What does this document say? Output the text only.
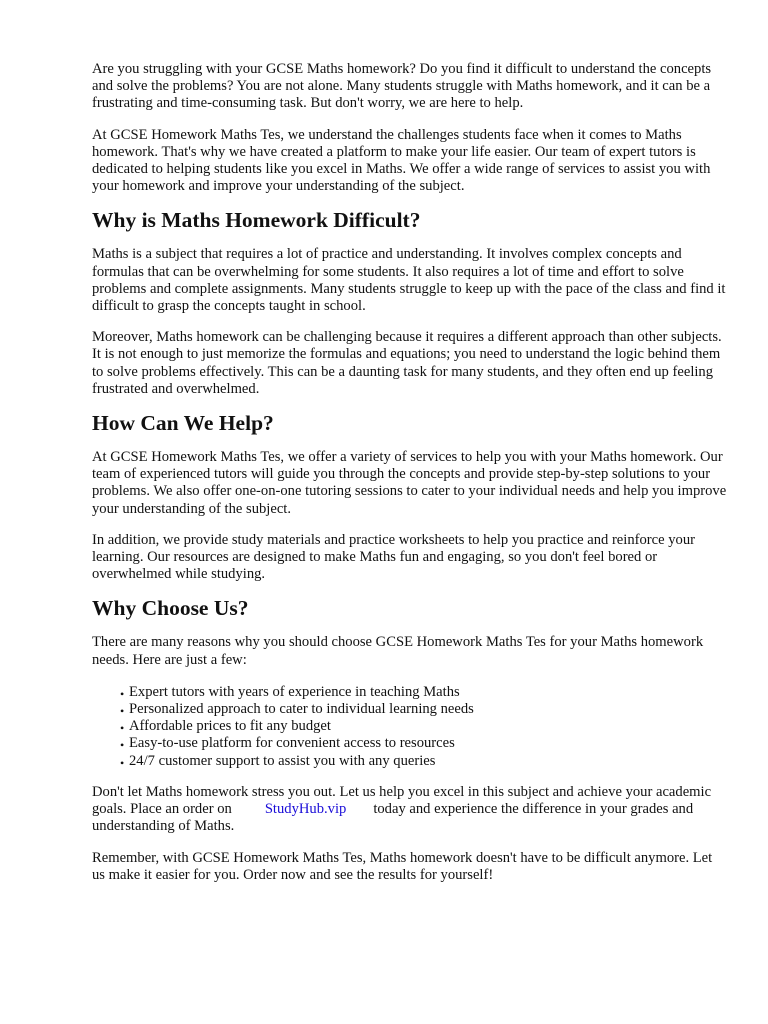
Are you struggling with your GCSE Maths homework? Do you find it difficult to understand the concepts and solve the problems? You are not alone. Many students struggle with Maths homework, and it can be a frustrating and time-consuming task. But don't worry, we are here to help.

At GCSE Homework Maths Tes, we understand the challenges students face when it comes to Maths homework. That's why we have created a platform to make your life easier. Our team of expert tutors is dedicated to helping students like you excel in Maths. We offer a wide range of services to assist you with your homework and improve your understanding of the subject.

Why is Maths Homework Difficult?

Maths is a subject that requires a lot of practice and understanding. It involves complex concepts and formulas that can be overwhelming for some students. It also requires a lot of time and effort to solve problems and complete assignments. Many students struggle to keep up with the pace of the class and find it difficult to grasp the concepts taught in school.

Moreover, Maths homework can be challenging because it requires a different approach than other subjects. It is not enough to just memorize the formulas and equations; you need to understand the logic behind them to solve problems effectively. This can be a daunting task for many students, and they often end up feeling frustrated and overwhelmed.

How Can We Help?

At GCSE Homework Maths Tes, we offer a variety of services to help you with your Maths homework. Our team of experienced tutors will guide you through the concepts and provide step-by-step solutions to your problems. We also offer one-on-one tutoring sessions to cater to your individual needs and help you improve your understanding of the subject.

In addition, we provide study materials and practice worksheets to help you practice and reinforce your learning. Our resources are designed to make Maths fun and engaging, so you don't feel bored or overwhelmed while studying.

Why Choose Us?

There are many reasons why you should choose GCSE Homework Maths Tes for your Maths homework needs. Here are just a few:

• Expert tutors with years of experience in teaching Maths
• Personalized approach to cater to individual learning needs
• Affordable prices to fit any budget
• Easy-to-use platform for convenient access to resources
• 24/7 customer support to assist you with any queries

Don't let Maths homework stress you out. Let us help you excel in this subject and achieve your academic goals. Place an order on StudyHub.vip today and experience the difference in your grades and understanding of Maths.

Remember, with GCSE Homework Maths Tes, Maths homework doesn't have to be difficult anymore. Let us make it easier for you. Order now and see the results for yourself!
